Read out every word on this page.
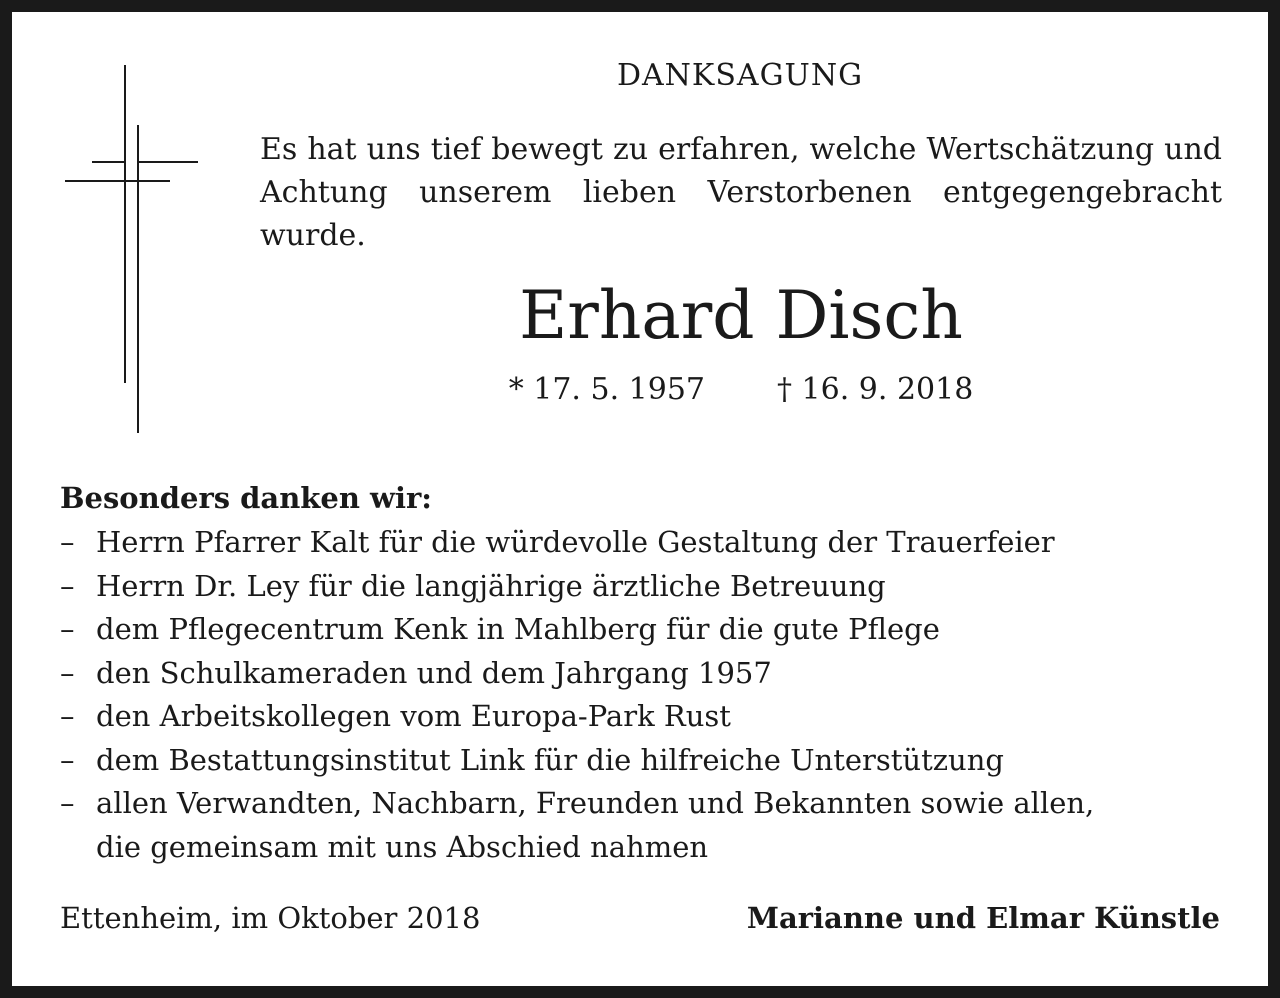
DANKSAGUNG

Es hat uns tief bewegt zu erfahren, welche Wertschätzung und Achtung unserem lieben Verstorbenen entgegengebracht wurde.

Erhard Disch
* 17. 5. 1957 † 16. 9. 2018
Besonders danken wir:
– Herrn Pfarrer Kalt für die würdevolle Gestaltung der Trauerfeier
– Herrn Dr. Ley für die langjährige ärztliche Betreuung
– dem Pflegecentrum Kenk in Mahlberg für die gute Pflege
– den Schulkameraden und dem Jahrgang 1957
– den Arbeitskollegen vom Europa-Park Rust
– dem Bestattungsinstitut Link für die hilfreiche Unterstützung
– allen Verwandten, Nachbarn, Freunden und Bekannten sowie allen, die gemeinsam mit uns Abschied nahmen
Ettenheim, im Oktober 2018	Marianne und Elmar Künstle
